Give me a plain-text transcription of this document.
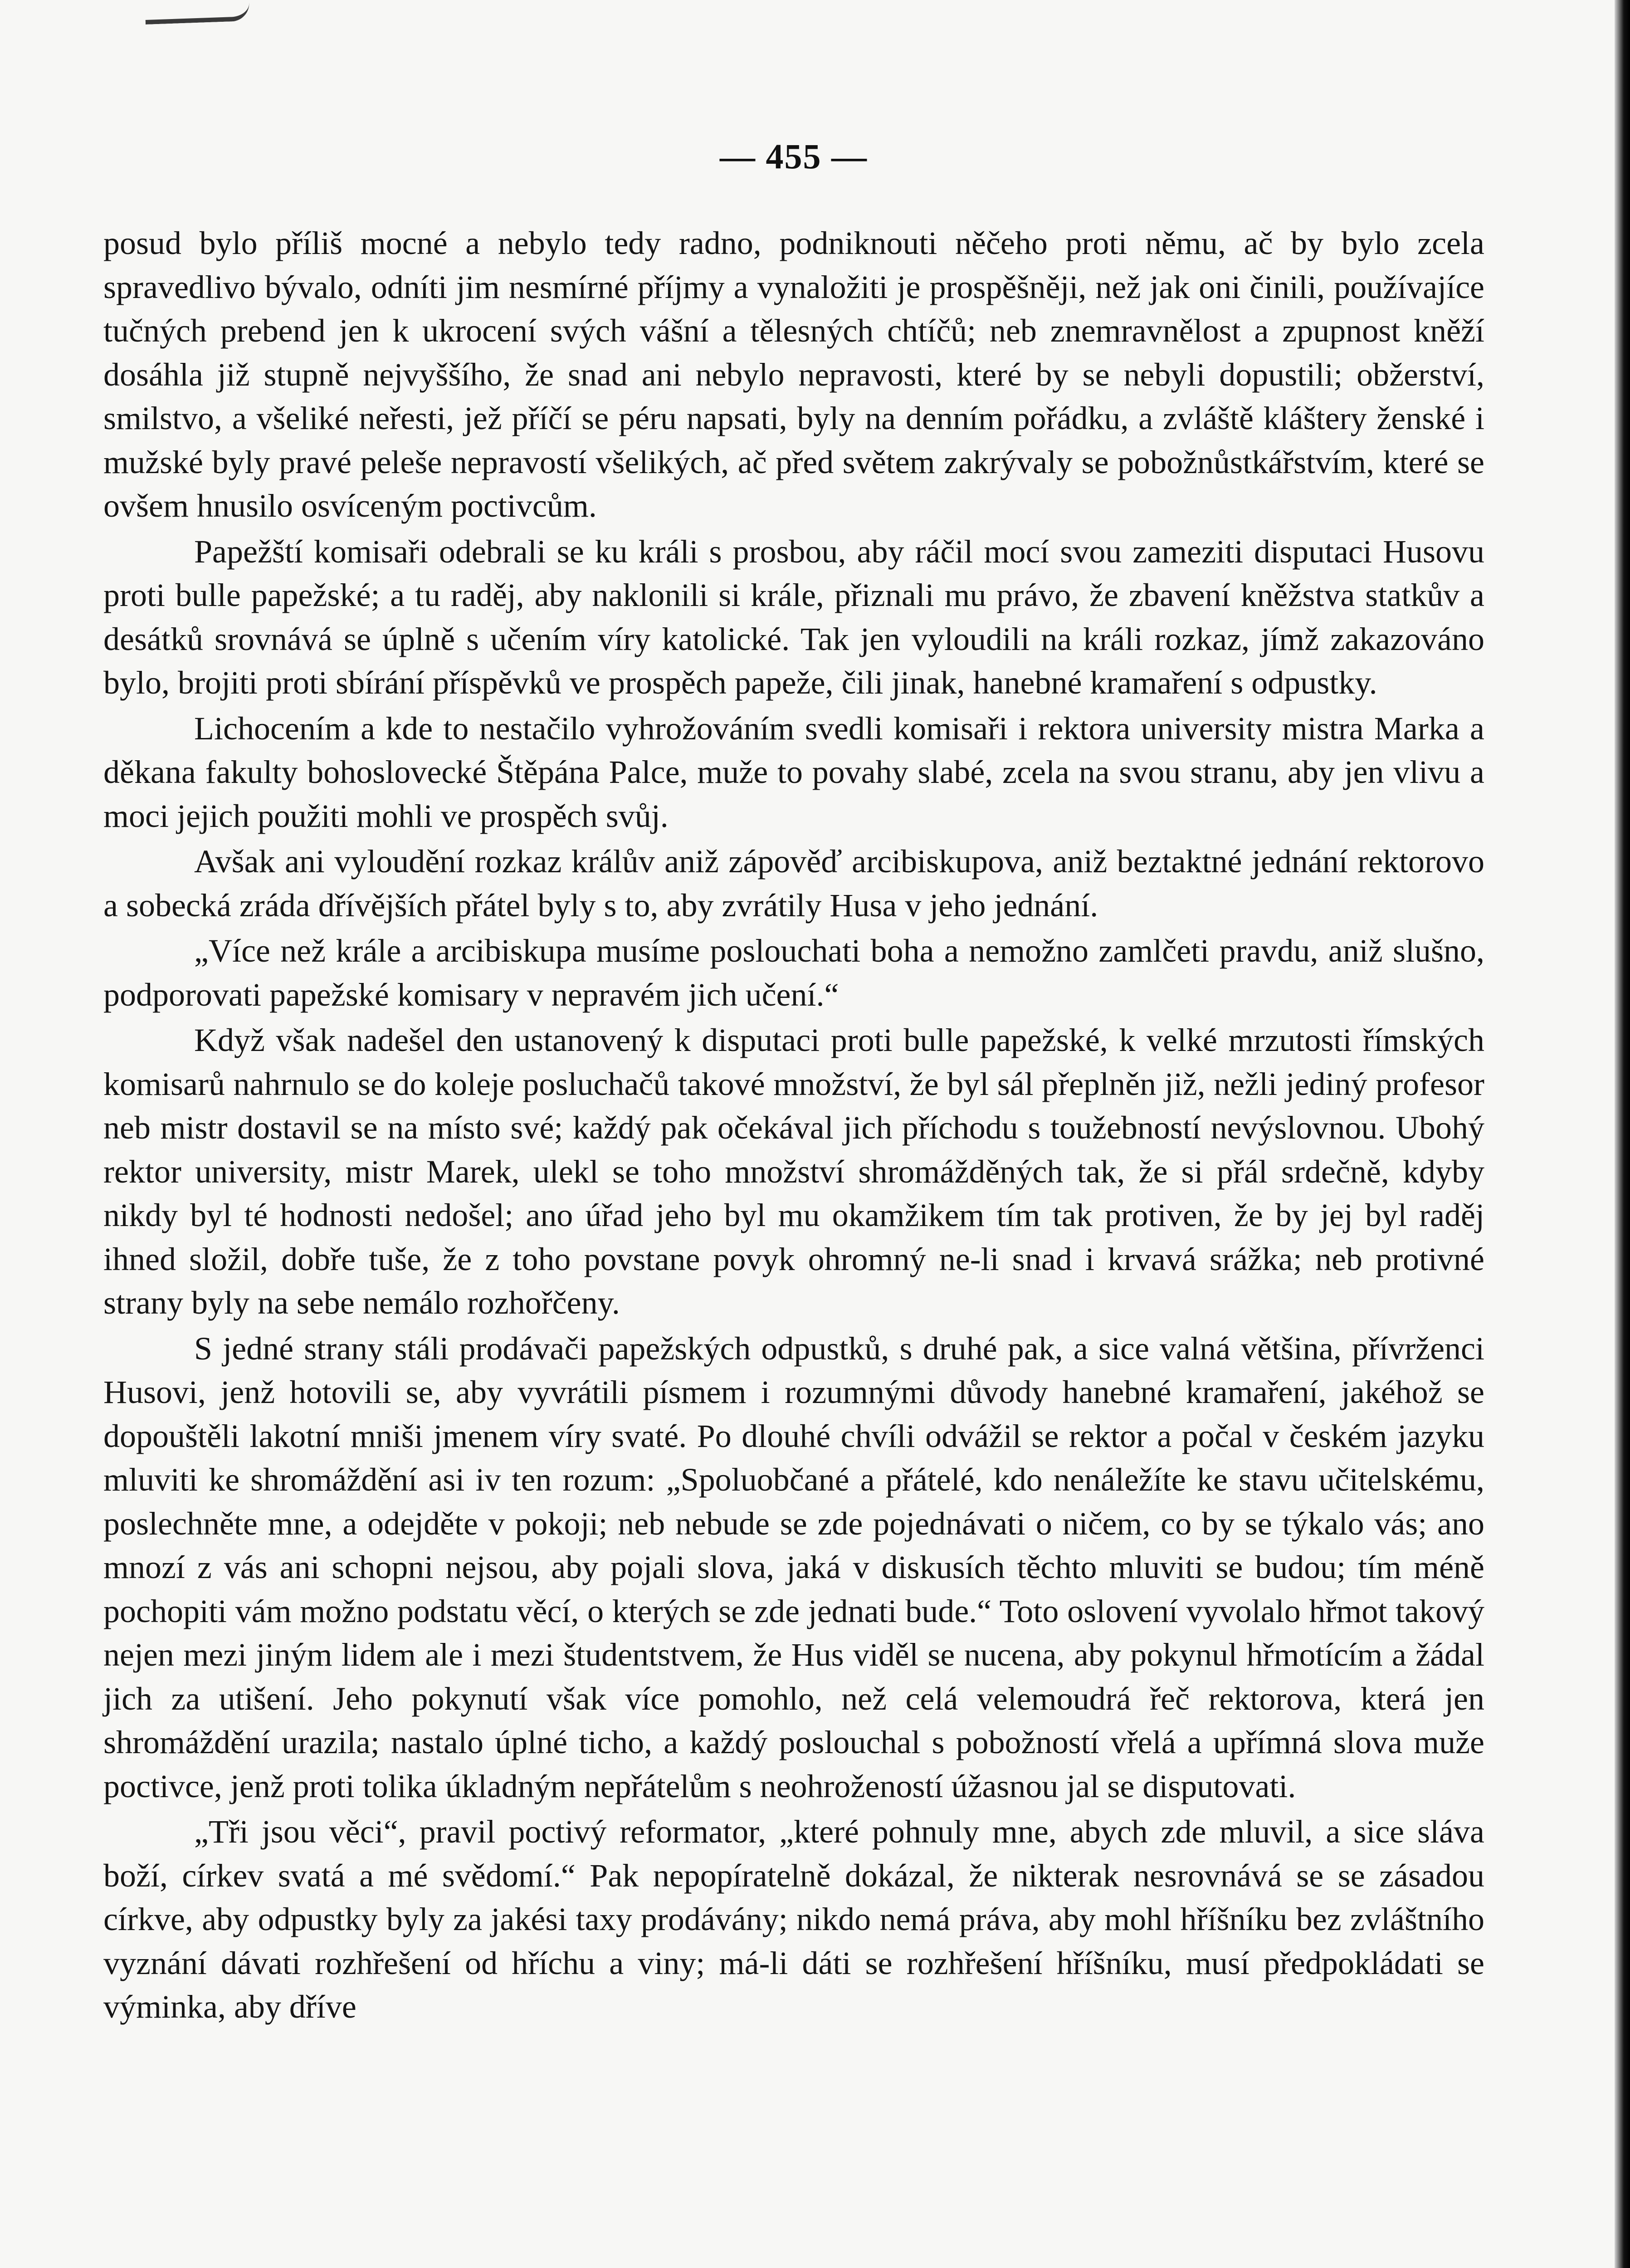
— 455 —

posud bylo příliš mocné a nebylo tedy radno, podniknouti něčeho proti němu, ač by bylo zcela spravedlivo bývalo, odníti jim nesmírné příjmy a vynaložiti je prospěšněji, než jak oni činili, používajíce tučných prebend jen k ukrocení svých vášní a tělesných chtíčů; neb znemravnělost a zpupnost kněží dosáhla již stupně nejvyššího, že snad ani nebylo nepravosti, které by se nebyli dopustili; obžerství, smilstvo, a všeliké neřesti, jež příčí se péru napsati, byly na denním pořádku, a zvláště kláštery ženské i mužské byly pravé peleše nepravostí všelikých, ač před světem zakrývaly se pobožnůstkářstvím, které se ovšem hnusilo osvíceným poctivcům.

Papežští komisaři odebrali se ku králi s prosbou, aby ráčil mocí svou zameziti disputaci Husovu proti bulle papežské; a tu raděj, aby naklonili si krále, přiznali mu právo, že zbavení kněžstva statkův a desátků srovnává se úplně s učením víry katolické. Tak jen vyloudili na králi rozkaz, jímž zakazováno bylo, brojiti proti sbírání příspěvků ve prospěch papeže, čili jinak, hanebné kramaření s odpustky.

Lichocením a kde to nestačilo vyhrožováním svedli komisaři i rektora university mistra Marka a děkana fakulty bohoslovecké Štěpána Palce, muže to povahy slabé, zcela na svou stranu, aby jen vlivu a moci jejich použiti mohli ve prospěch svůj.

Avšak ani vyloudění rozkaz králův aniž zápověď arcibiskupova, aniž beztaktné jednání rektorovo a sobecká zráda dřívějších přátel byly s to, aby zvrátily Husa v jeho jednání.

„Více než krále a arcibiskupa musíme poslouchati boha a nemožno zamlčeti pravdu, aniž slušno, podporovati papežské komisary v nepravém jich učení.“

Když však nadešel den ustanovený k disputaci proti bulle papežské, k velké mrzutosti římských komisarů nahrnulo se do koleje posluchačů takové množství, že byl sál přeplněn již, nežli jediný profesor neb mistr dostavil se na místo své; každý pak očekával jich příchodu s toužebností nevýslovnou. Ubohý rektor university, mistr Marek, ulekl se toho množství shromážděných tak, že si přál srdečně, kdyby nikdy byl té hodnosti nedošel; ano úřad jeho byl mu okamžikem tím tak protiven, že by jej byl raděj ihned složil, dobře tuše, že z toho povstane povyk ohromný ne-li snad i krvavá srážka; neb protivné strany byly na sebe nemálo rozhořčeny.

S jedné strany stáli prodávači papežských odpustků, s druhé pak, a sice valná většina, přívrženci Husovi, jenž hotovili se, aby vyvrátili písmem i rozumnými důvody hanebné kramaření, jakéhož se dopouštěli lakotní mniši jmenem víry svaté. Po dlouhé chvíli odvážil se rektor a počal v českém jazyku mluviti ke shromáždění asi iv ten rozum: „Spoluobčané a přátelé, kdo nenáležíte ke stavu učitelskému, poslechněte mne, a odejděte v pokoji; neb nebude se zde pojednávati o ničem, co by se týkalo vás; ano mnozí z vás ani schopni nejsou, aby pojali slova, jaká v diskusích těchto mluviti se budou; tím méně pochopiti vám možno podstatu věcí, o kterých se zde jednati bude.“ Toto oslovení vyvolalo hřmot takový nejen mezi jiným lidem ale i mezi študentstvem, že Hus viděl se nucena, aby pokynul hřmotícím a žádal jich za utišení. Jeho pokynutí však více pomohlo, než celá velemoudrá řeč rektorova, která jen shromáždění urazila; nastalo úplné ticho, a každý poslouchal s pobožností vřelá a upřímná slova muže poctivce, jenž proti tolika úkladným nepřátelům s neohrožeností úžasnou jal se disputovati.

„Tři jsou věci“, pravil poctivý reformator, „které pohnuly mne, abych zde mluvil, a sice sláva boží, církev svatá a mé svědomí.“ Pak nepopíratelně dokázal, že nikterak nesrovnává se se zásadou církve, aby odpustky byly za jakési taxy prodávány; nikdo nemá práva, aby mohl hříšníku bez zvláštního vyznání dávati rozhřešení od hříchu a viny; má-li dáti se rozhřešení hříšníku, musí předpokládati se výminka, aby dříve
